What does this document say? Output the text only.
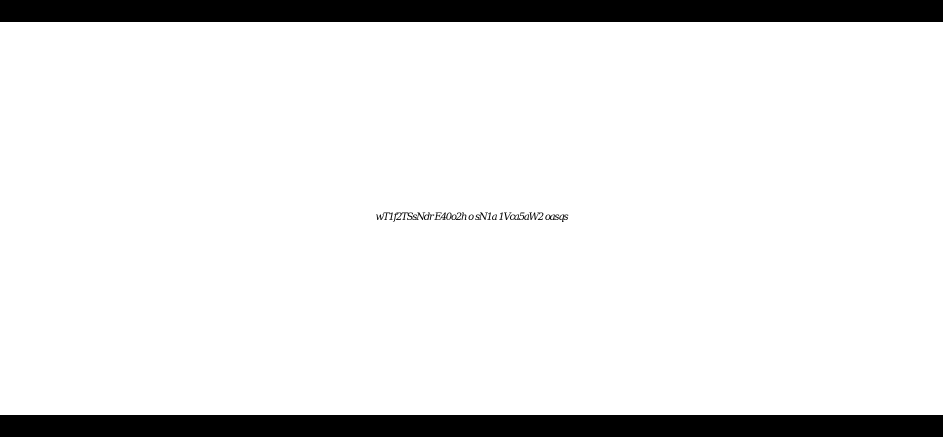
wT1f2TSsNdr E40o2h o sN1a 1Vca5aW2 oasqs
